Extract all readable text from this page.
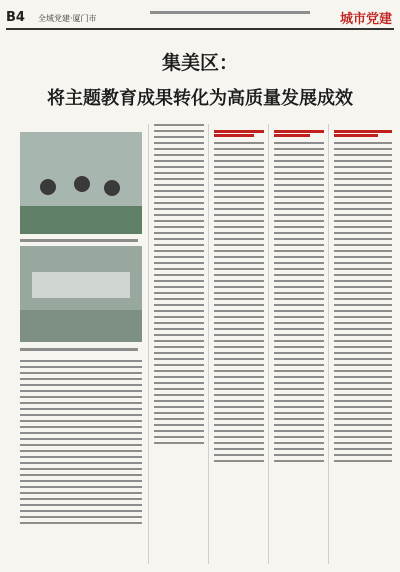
B4 全域党建·厦门市	城市党建
集美区：
将主题教育成果转化为高质量发展成效
